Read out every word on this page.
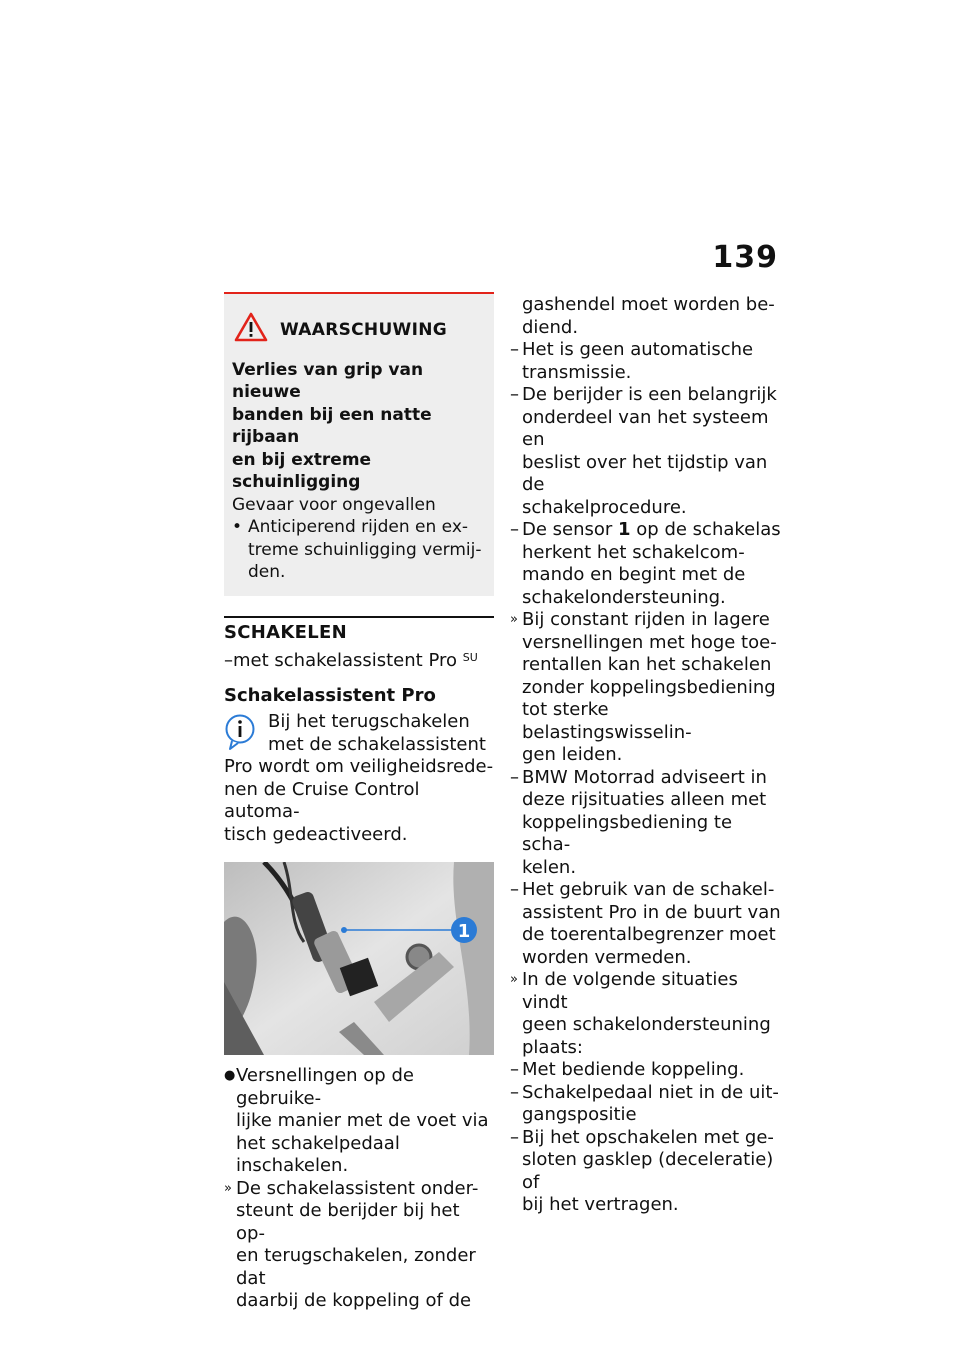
139
WAARSCHUWING
Verlies van grip van nieuwe
banden bij een natte rijbaan
en bij extreme schuinligging
Gevaar voor ongevallen
• Anticiperend rijden en ex-
treme schuinligging vermij-
den.
SCHAKELEN
–met schakelassistent Pro $^{SU}$
Schakelassistent Pro
Bij het terugschakelen
met de schakelassistent
Pro wordt om veiligheidsrede-
nen de Cruise Control automa-
tisch gedeactiveerd.
1
● Versnellingen op de gebruike-
lijke manier met de voet via
het schakelpedaal inschakelen.
» De schakelassistent onder-
steunt de berijder bij het op-
en terugschakelen, zonder dat
daarbij de koppeling of de
gashendel moet worden be-
diend.
– Het is geen automatische
transmissie.
– De berijder is een belangrijk
onderdeel van het systeem en
beslist over het tijdstip van de
schakelprocedure.
– De sensor 1 op de schakelas
herkent het schakelcom-
mando en begint met de
schakelondersteuning.
» Bij constant rijden in lagere
versnellingen met hoge toe-
rentallen kan het schakelen
zonder koppelingsbediening
tot sterke belastingswisselin-
gen leiden.
– BMW Motorrad adviseert in
deze rijsituaties alleen met
koppelingsbediening te scha-
kelen.
– Het gebruik van de schakel-
assistent Pro in de buurt van
de toerentalbegrenzer moet
worden vermeden.
» In de volgende situaties vindt
geen schakelondersteuning
plaats:
– Met bediende koppeling.
– Schakelpedaal niet in de uit-
gangspositie
– Bij het opschakelen met ge-
sloten gasklep (deceleratie) of
bij het vertragen.
